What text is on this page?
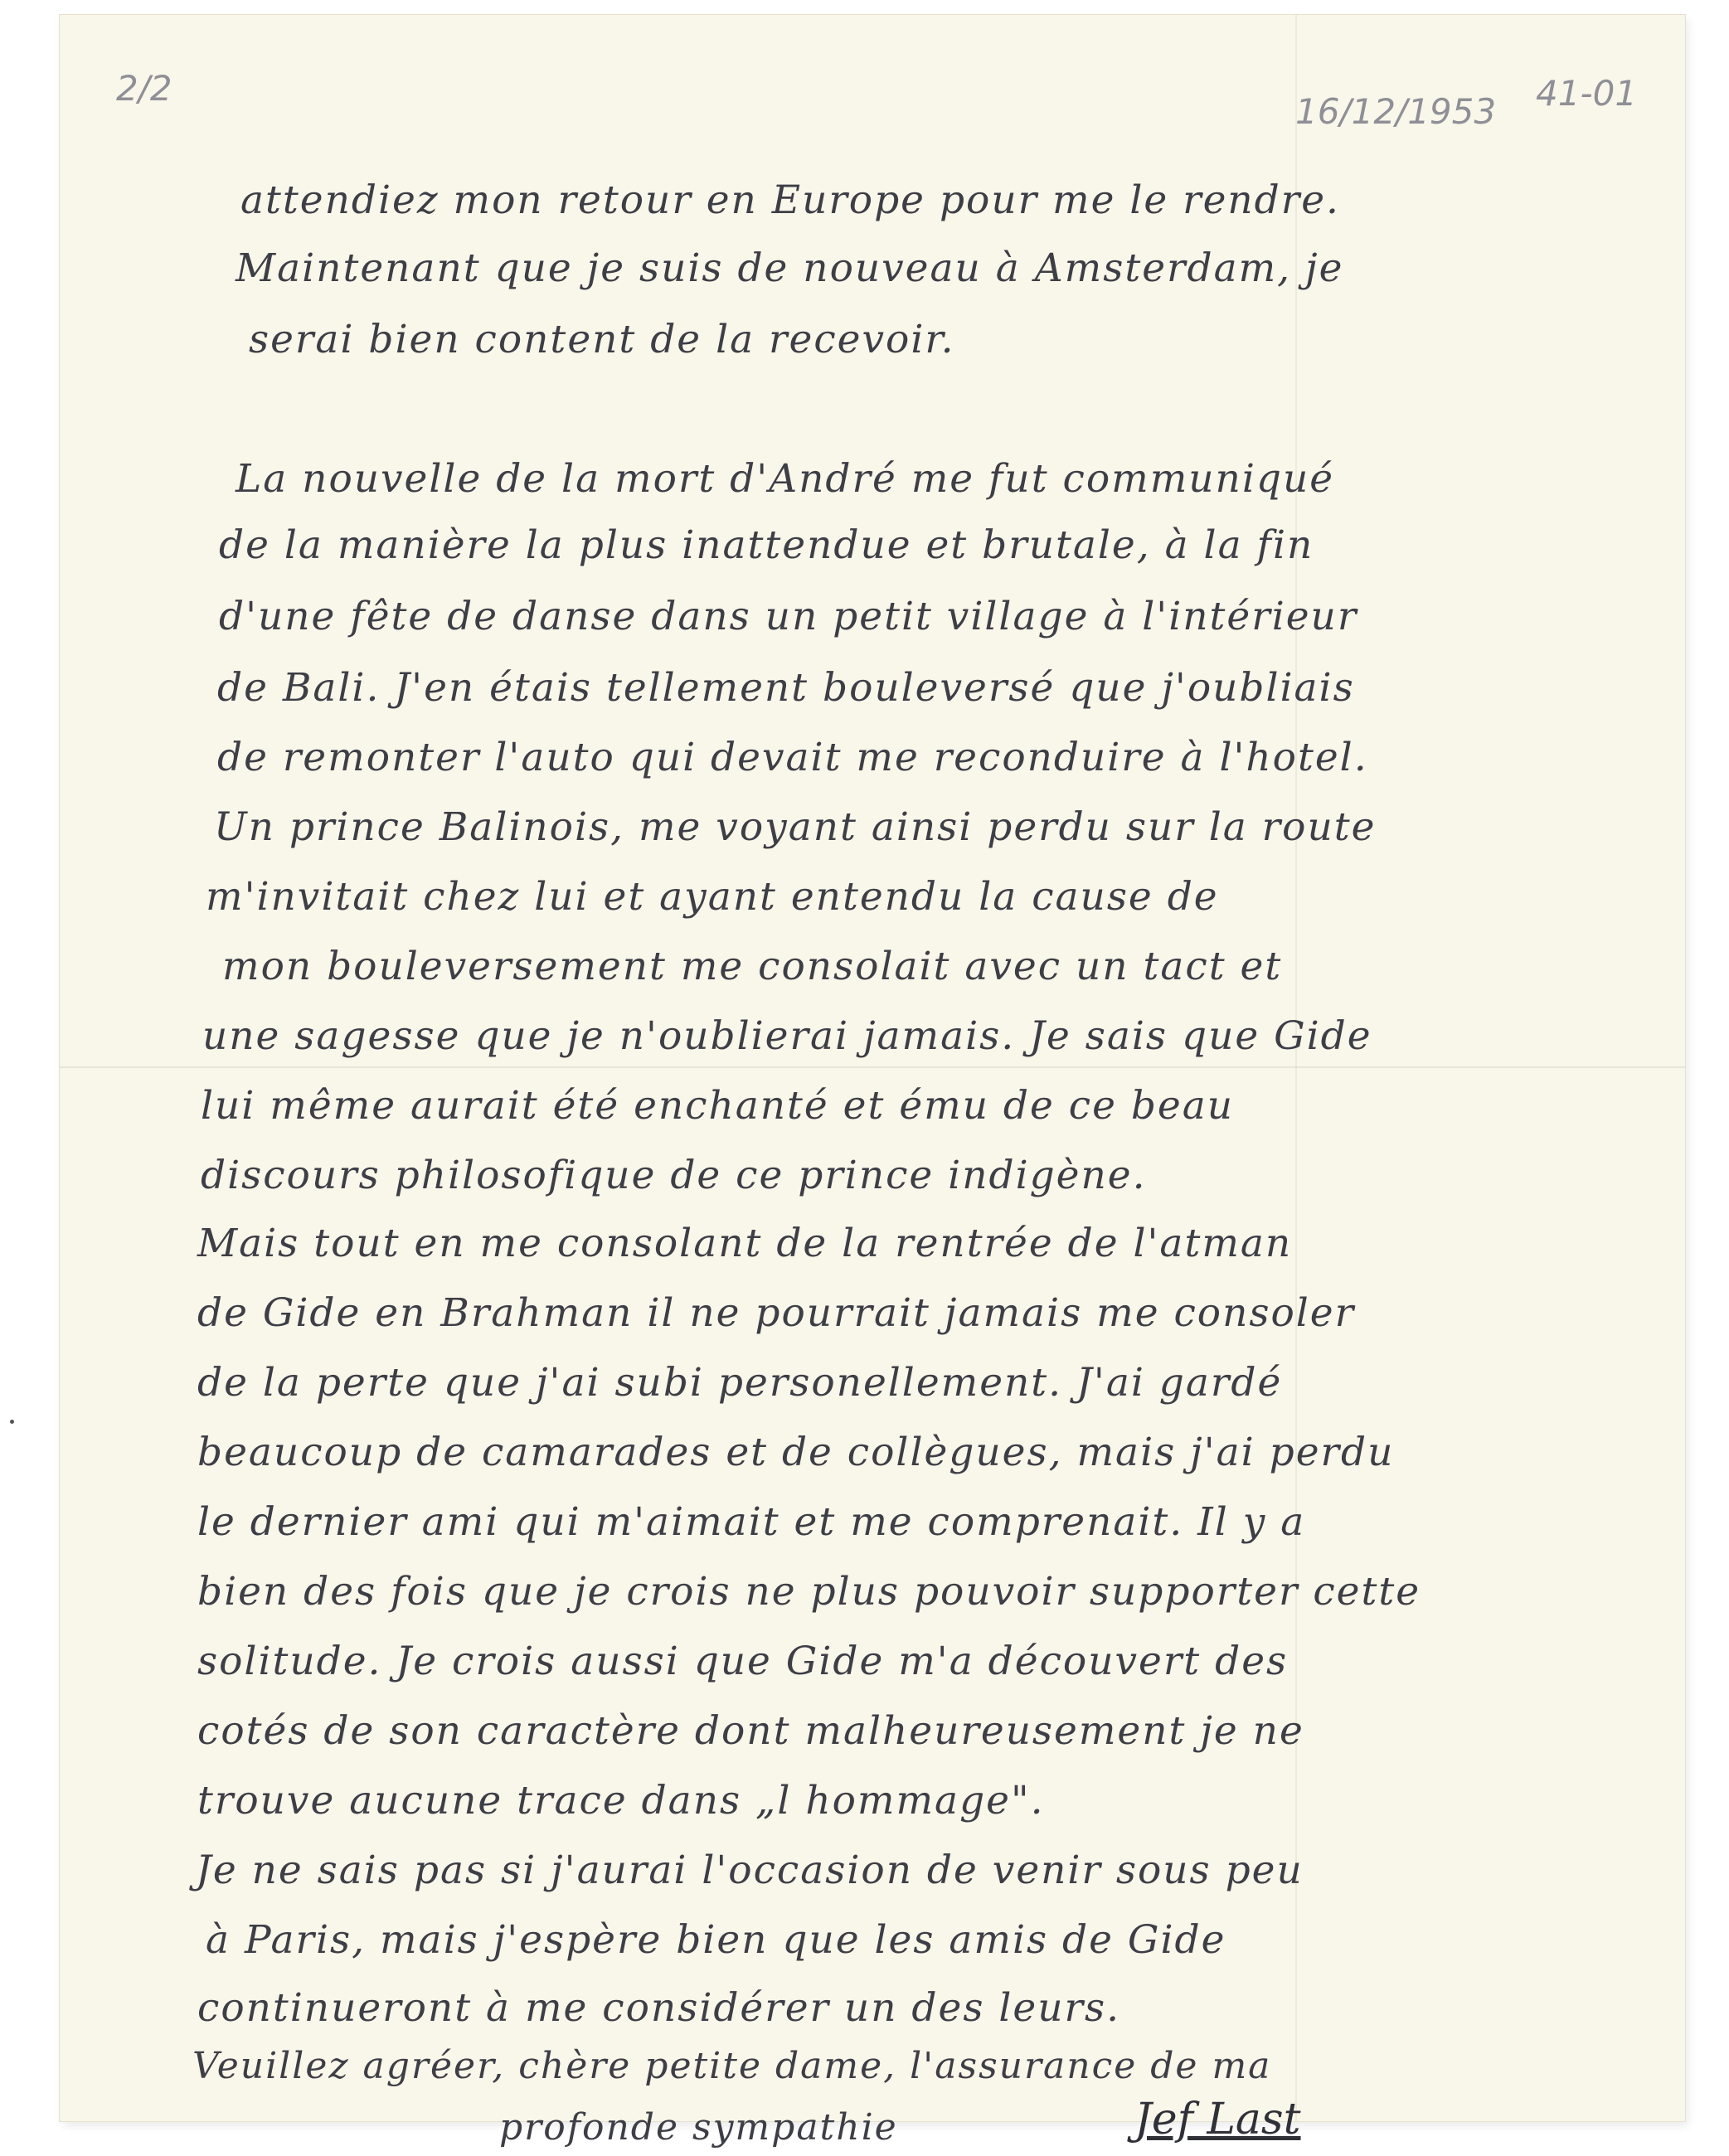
2/2
16/12/1953 41-01
attendiez mon retour en Europe pour me le rendre.
Maintenant que je suis de nouveau à Amsterdam, je
serai bien content de la recevoir.
La nouvelle de la mort d'André me fut communiqué
de la manière la plus inattendue et brutale, à la fin
d'une fête de danse dans un petit village à l'intérieur
de Bali. J'en étais tellement bouleversé que j'oubliais
de remonter l'auto qui devait me reconduire à l'hotel.
Un prince Balinois, me voyant ainsi perdu sur la route
m'invitait chez lui et ayant entendu la cause de
mon bouleversement me consolait avec un tact et
une sagesse que je n'oublierai jamais. Je sais que Gide
lui même aurait été enchanté et ému de ce beau
discours philosofique de ce prince indigène.
Mais tout en me consolant de la rentrée de l'atman
de Gide en Brahman il ne pourrait jamais me consoler
de la perte que j'ai subi personellement. J'ai gardé
beaucoup de camarades et de collègues, mais j'ai perdu
le dernier ami qui m'aimait et me comprenait. Il y a
bien des fois que je crois ne plus pouvoir supporter cette
solitude. Je crois aussi que Gide m'a découvert des
cotés de son caractère dont malheureusement je ne
trouve aucune trace dans „l hommage".
Je ne sais pas si j'aurai l'occasion de venir sous peu
à Paris, mais j'espère bien que les amis de Gide
continueront à me considérer un des leurs.
Veuillez agréer, chère petite dame, l'assurance de ma
profonde sympathie	Jef Last
